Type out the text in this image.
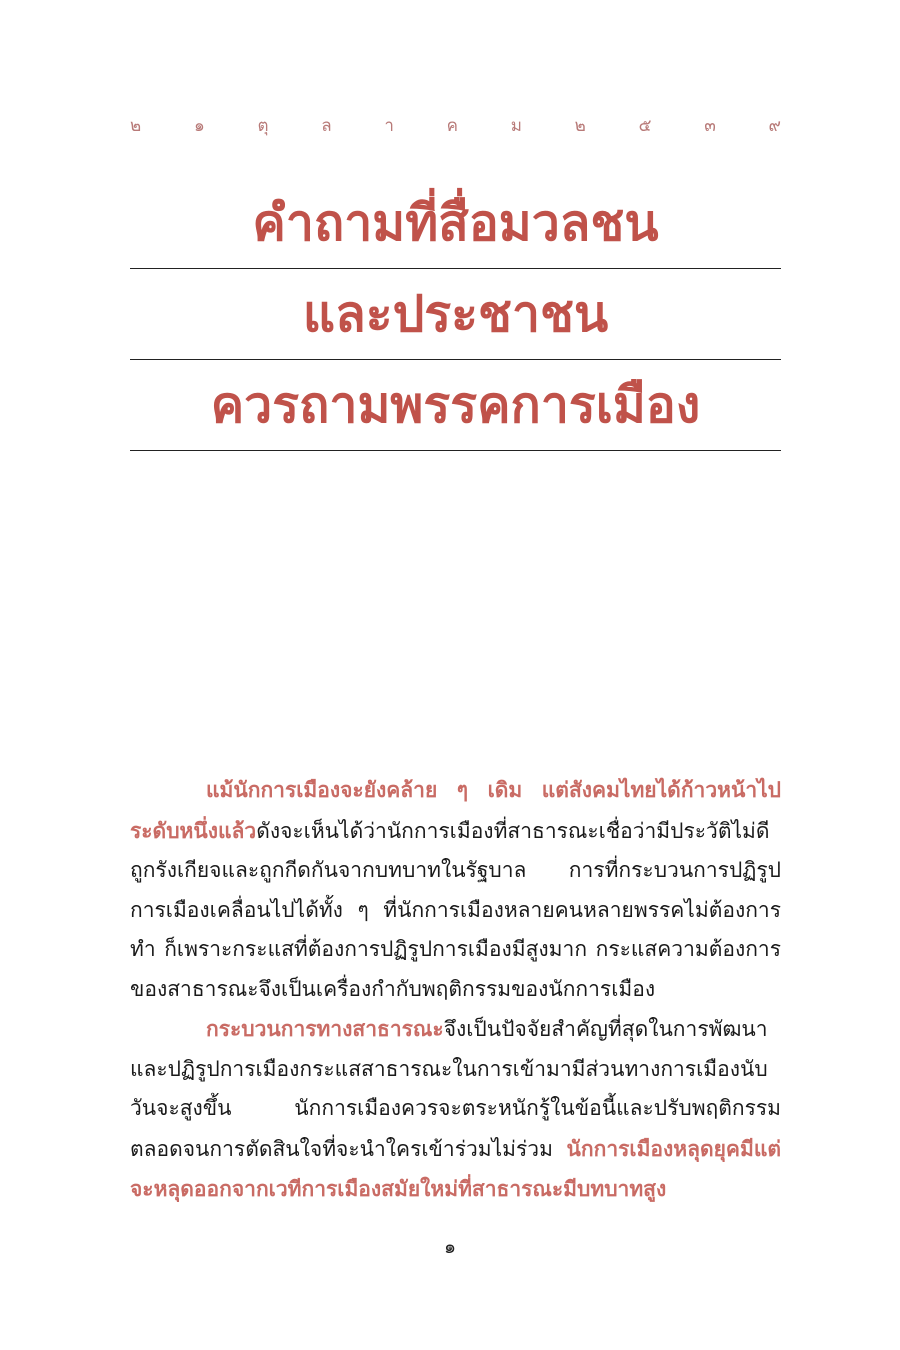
๒	๑	ตุ	ล	า	ค	ม	๒	๕	๓	๙
คำถามที่สื่อมวลชน
และประชาชน
ควรถามพรรคการเมือง

แม้นักการเมืองจะยังคล้าย ๆ เดิม แต่สังคมไทยได้ก้าวหน้าไประดับหนึ่งแล้วดังจะเห็นได้ว่านักการเมืองที่สาธารณะเชื่อว่ามีประวัติไม่ดี ถูกรังเกียจและถูกกีดกันจากบทบาทในรัฐบาล การที่กระบวนการปฏิรูปการเมืองเคลื่อนไปได้ทั้ง ๆ ที่นักการเมืองหลายคนหลายพรรคไม่ต้องการทำ ก็เพราะกระแสที่ต้องการปฏิรูปการเมืองมีสูงมาก กระแสความต้องการของสาธารณะจึงเป็นเครื่องกำกับพฤติกรรมของนักการเมือง

กระบวนการทางสาธารณะจึงเป็นปัจจัยสำคัญที่สุดในการพัฒนาและปฏิรูปการเมืองกระแสสาธารณะในการเข้ามามีส่วนทางการเมืองนับวันจะสูงขึ้น นักการเมืองควรจะตระหนักรู้ในข้อนี้และปรับพฤติกรรม ตลอดจนการตัดสินใจที่จะนำใครเข้าร่วมไม่ร่วม นักการเมืองหลุดยุคมีแต่จะหลุดออกจากเวทีการเมืองสมัยใหม่ที่สาธารณะมีบทบาทสูง

๑
